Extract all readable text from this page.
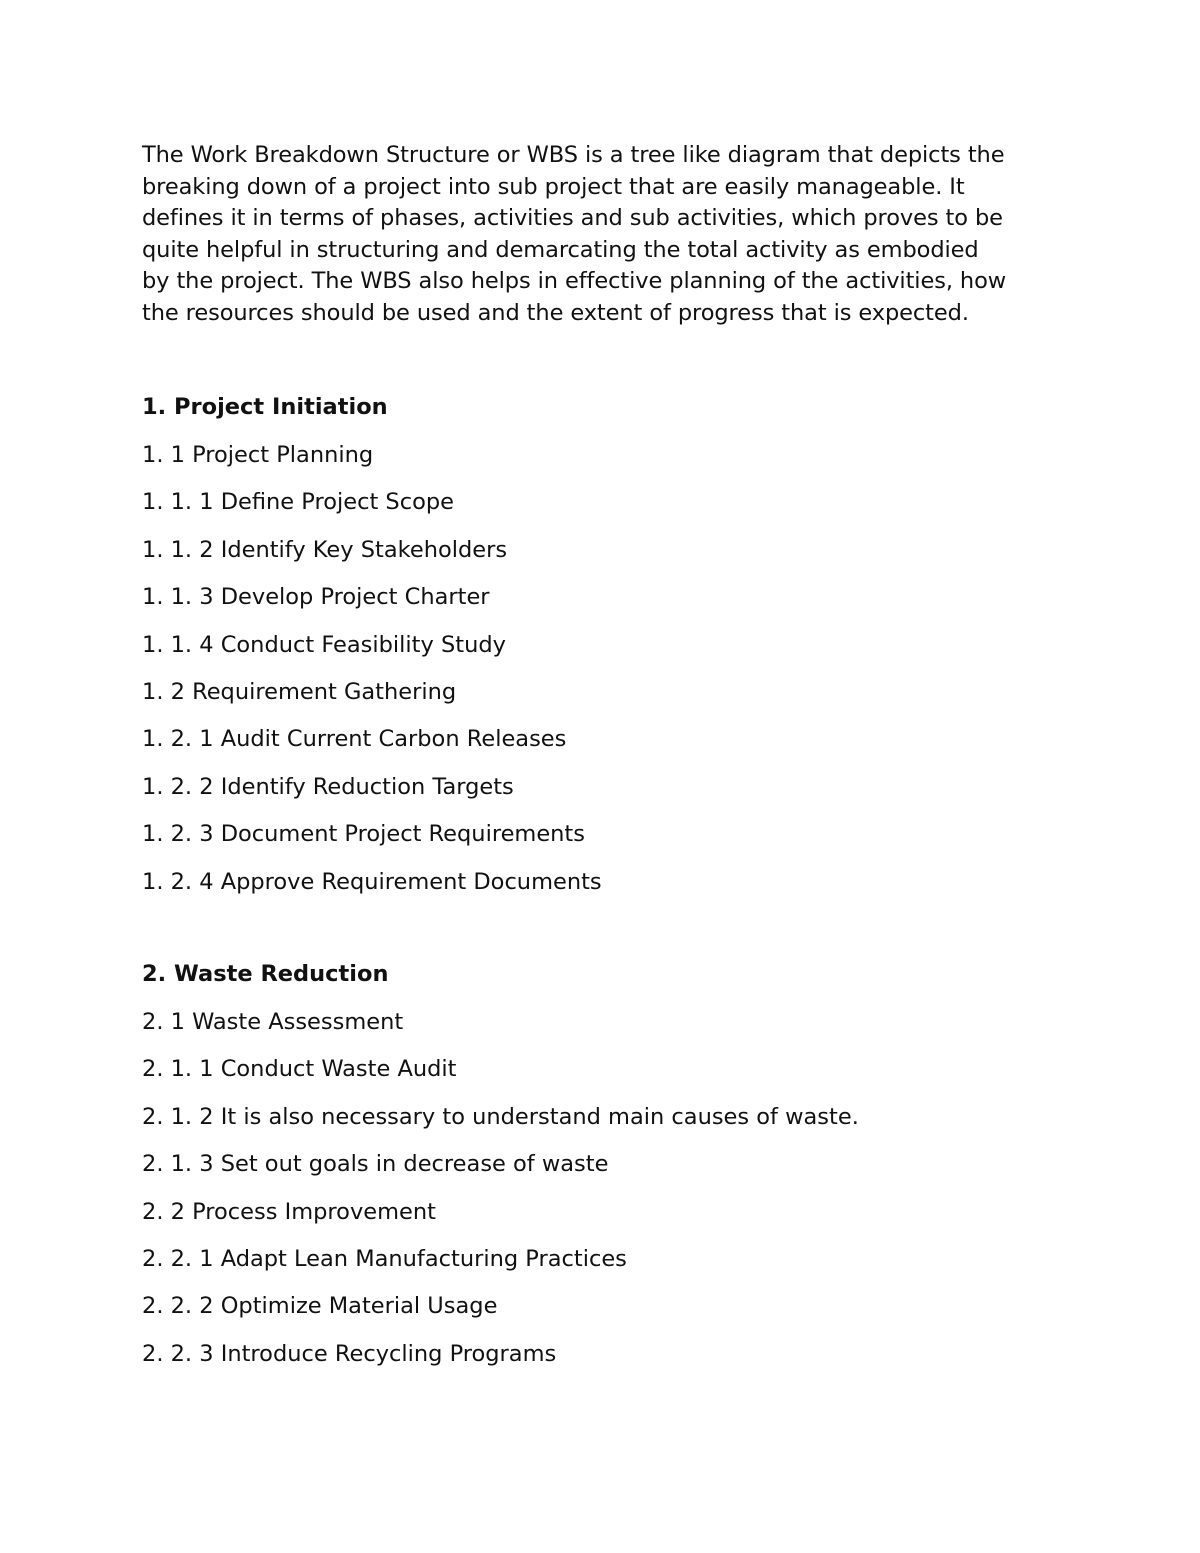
The Work Breakdown Structure or WBS is a tree like diagram that depicts the
breaking down of a project into sub project that are easily manageable. It
defines it in terms of phases, activities and sub activities, which proves to be
quite helpful in structuring and demarcating the total activity as embodied
by the project. The WBS also helps in effective planning of the activities, how
the resources should be used and the extent of progress that is expected.

1. Project Initiation

1. 1 Project Planning

1. 1. 1 Define Project Scope

1. 1. 2 Identify Key Stakeholders

1. 1. 3 Develop Project Charter

1. 1. 4 Conduct Feasibility Study

1. 2 Requirement Gathering

1. 2. 1 Audit Current Carbon Releases

1. 2. 2 Identify Reduction Targets

1. 2. 3 Document Project Requirements

1. 2. 4 Approve Requirement Documents

2. Waste Reduction

2. 1 Waste Assessment

2. 1. 1 Conduct Waste Audit

2. 1. 2 It is also necessary to understand main causes of waste.

2. 1. 3 Set out goals in decrease of waste

2. 2 Process Improvement

2. 2. 1 Adapt Lean Manufacturing Practices

2. 2. 2 Optimize Material Usage

2. 2. 3 Introduce Recycling Programs
